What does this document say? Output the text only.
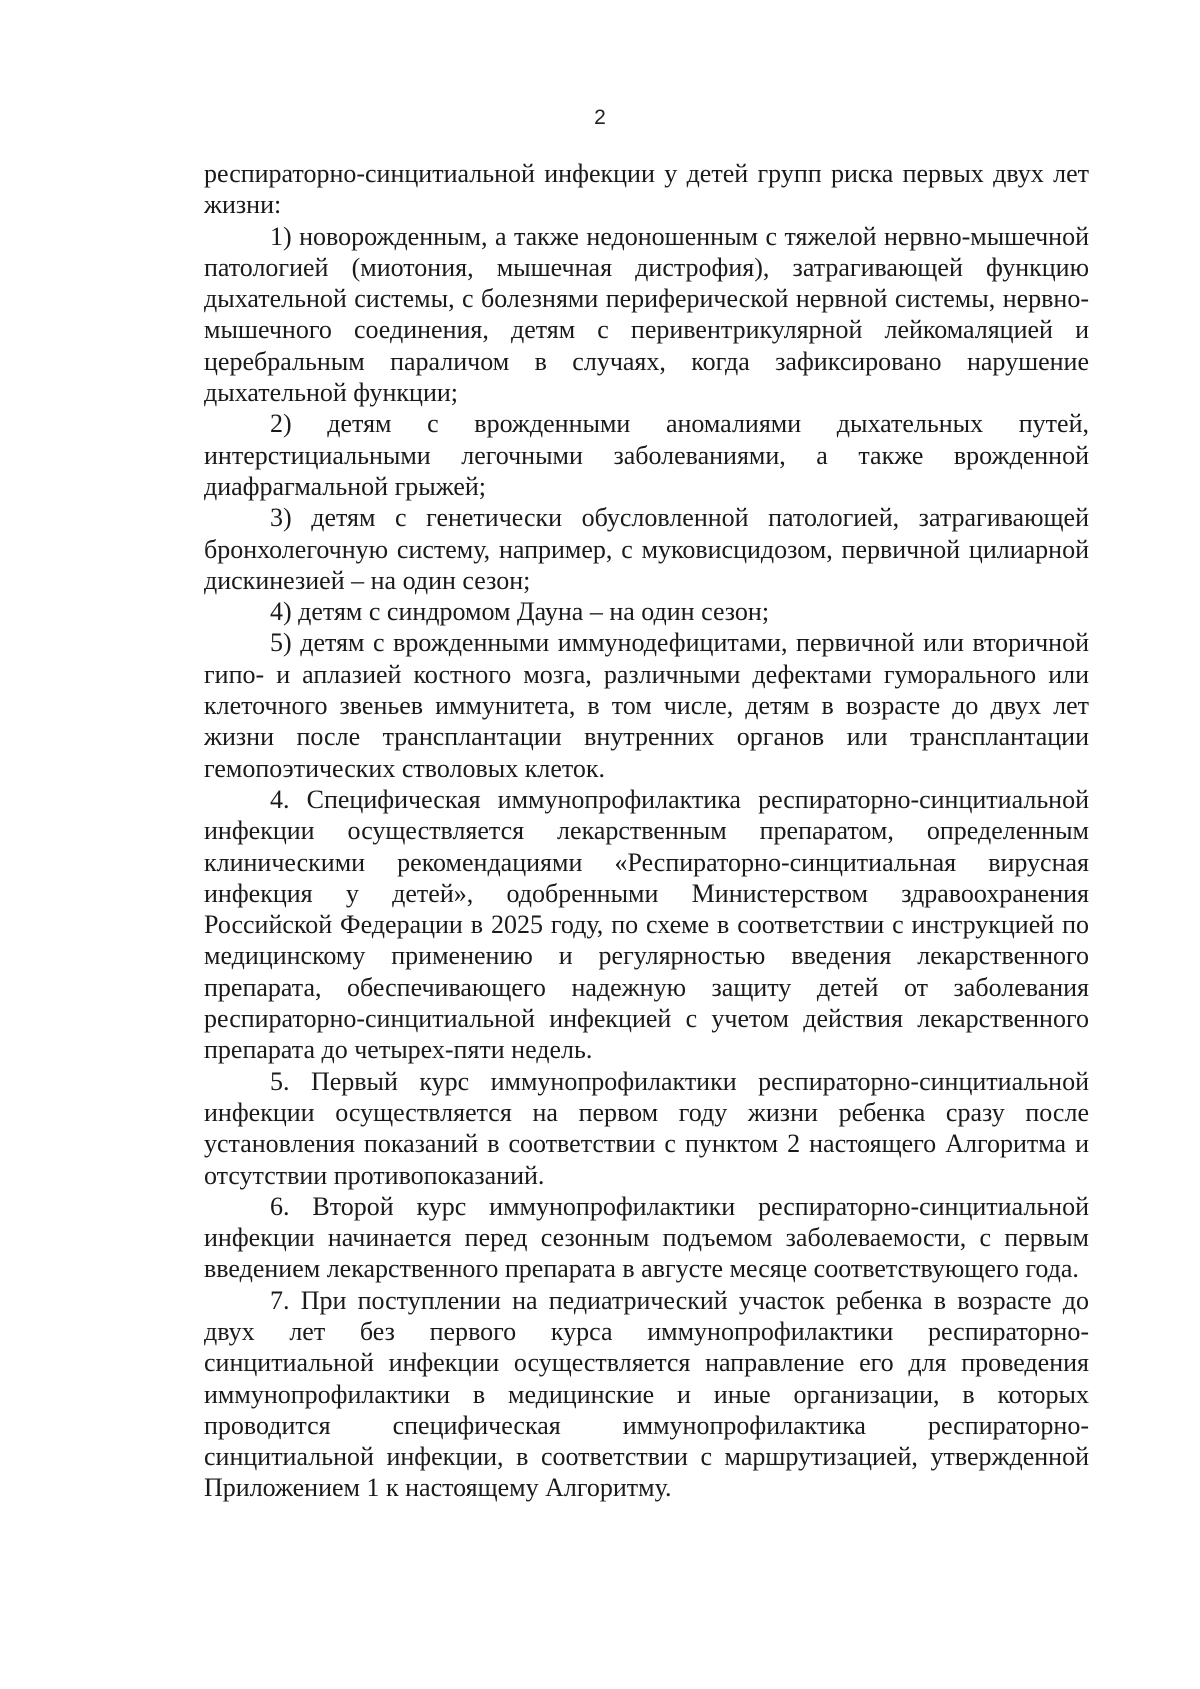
2

респираторно-синцитиальной инфекции у детей групп риска первых двух лет жизни:

1) новорожденным, а также недоношенным с тяжелой нервно-мышечной патологией (миотония, мышечная дистрофия), затрагивающей функцию дыхательной системы, с болезнями периферической нервной системы, нервно-мышечного соединения, детям с перивентрикулярной лейкомаляцией и церебральным параличом в случаях, когда зафиксировано нарушение дыхательной функции;

2) детям с врожденными аномалиями дыхательных путей, интерстициальными легочными заболеваниями, а также врожденной диафрагмальной грыжей;

3) детям с генетически обусловленной патологией, затрагивающей бронхолегочную систему, например, с муковисцидозом, первичной цилиарной дискинезией – на один сезон;

4) детям с синдромом Дауна – на один сезон;

5) детям с врожденными иммунодефицитами, первичной или вторичной гипо- и аплазией костного мозга, различными дефектами гуморального или клеточного звеньев иммунитета, в том числе, детям в возрасте до двух лет жизни после трансплантации внутренних органов или трансплантации гемопоэтических стволовых клеток.

4. Специфическая иммунопрофилактика респираторно-синцитиальной инфекции осуществляется лекарственным препаратом, определенным клиническими рекомендациями «Респираторно-синцитиальная вирусная инфекция у детей», одобренными Министерством здравоохранения Российской Федерации в 2025 году, по схеме в соответствии с инструкцией по медицинскому применению и регулярностью введения лекарственного препарата, обеспечивающего надежную защиту детей от заболевания респираторно-синцитиальной инфекцией с учетом действия лекарственного препарата до четырех-пяти недель.

5. Первый курс иммунопрофилактики респираторно-синцитиальной инфекции осуществляется на первом году жизни ребенка сразу после установления показаний в соответствии с пунктом 2 настоящего Алгоритма и отсутствии противопоказаний.

6. Второй курс иммунопрофилактики респираторно-синцитиальной инфекции начинается перед сезонным подъемом заболеваемости, с первым введением лекарственного препарата в августе месяце соответствующего года.

7. При поступлении на педиатрический участок ребенка в возрасте до двух лет без первого курса иммунопрофилактики респираторно-синцитиальной инфекции осуществляется направление его для проведения иммунопрофилактики в медицинские и иные организации, в которых проводится специфическая иммунопрофилактика респираторно-синцитиальной инфекции, в соответствии с маршрутизацией, утвержденной Приложением 1 к настоящему Алгоритму.
